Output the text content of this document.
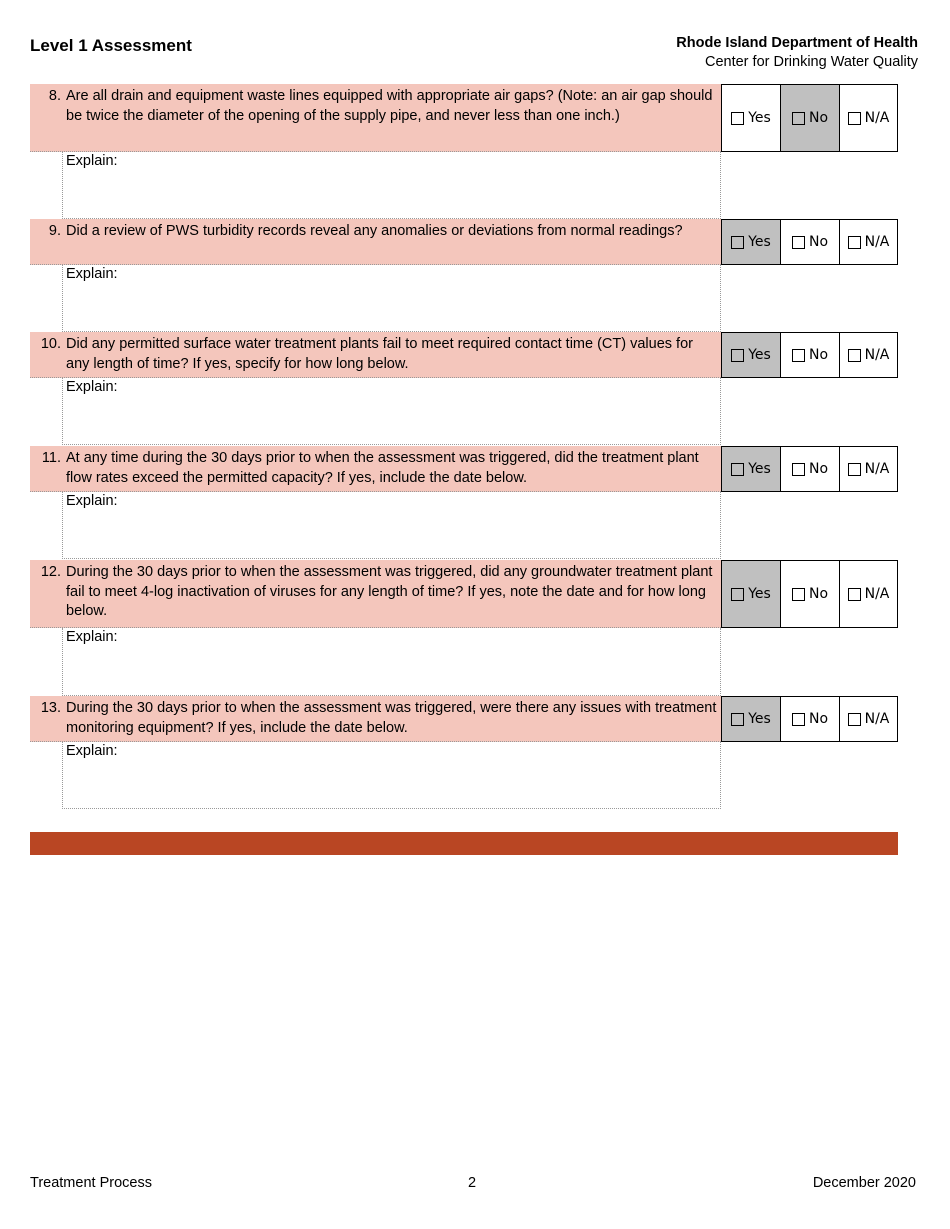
Level 1 Assessment	Rhode Island Department of Health
Center for Drinking Water Quality
8. Are all drain and equipment waste lines equipped with appropriate air gaps? (Note: an air gap should be twice the diameter of the opening of the supply pipe, and never less than one inch.)	Yes	No	N/A
Explain:
9. Did a review of PWS turbidity records reveal any anomalies or deviations from normal readings?
Yes	No	N/A
Explain:
10. Did any permitted surface water treatment plants fail to meet required contact time (CT) values for any length of time? If yes, specify for how long below.
Yes	No	N/A
Explain:
11. At any time during the 30 days prior to when the assessment was triggered, did the treatment plant flow rates exceed the permitted capacity? If yes, include the date below.
Yes	No	N/A
Explain:
12. During the 30 days prior to when the assessment was triggered, did any groundwater treatment plant fail to meet 4-log inactivation of viruses for any length of time? If yes, note the date and for how long below.
Yes	No	N/A
Explain:
13. During the 30 days prior to when the assessment was triggered, were there any issues with treatment monitoring equipment? If yes, include the date below.
Yes	No	N/A
Explain:
Treatment Process	2	December 2020
